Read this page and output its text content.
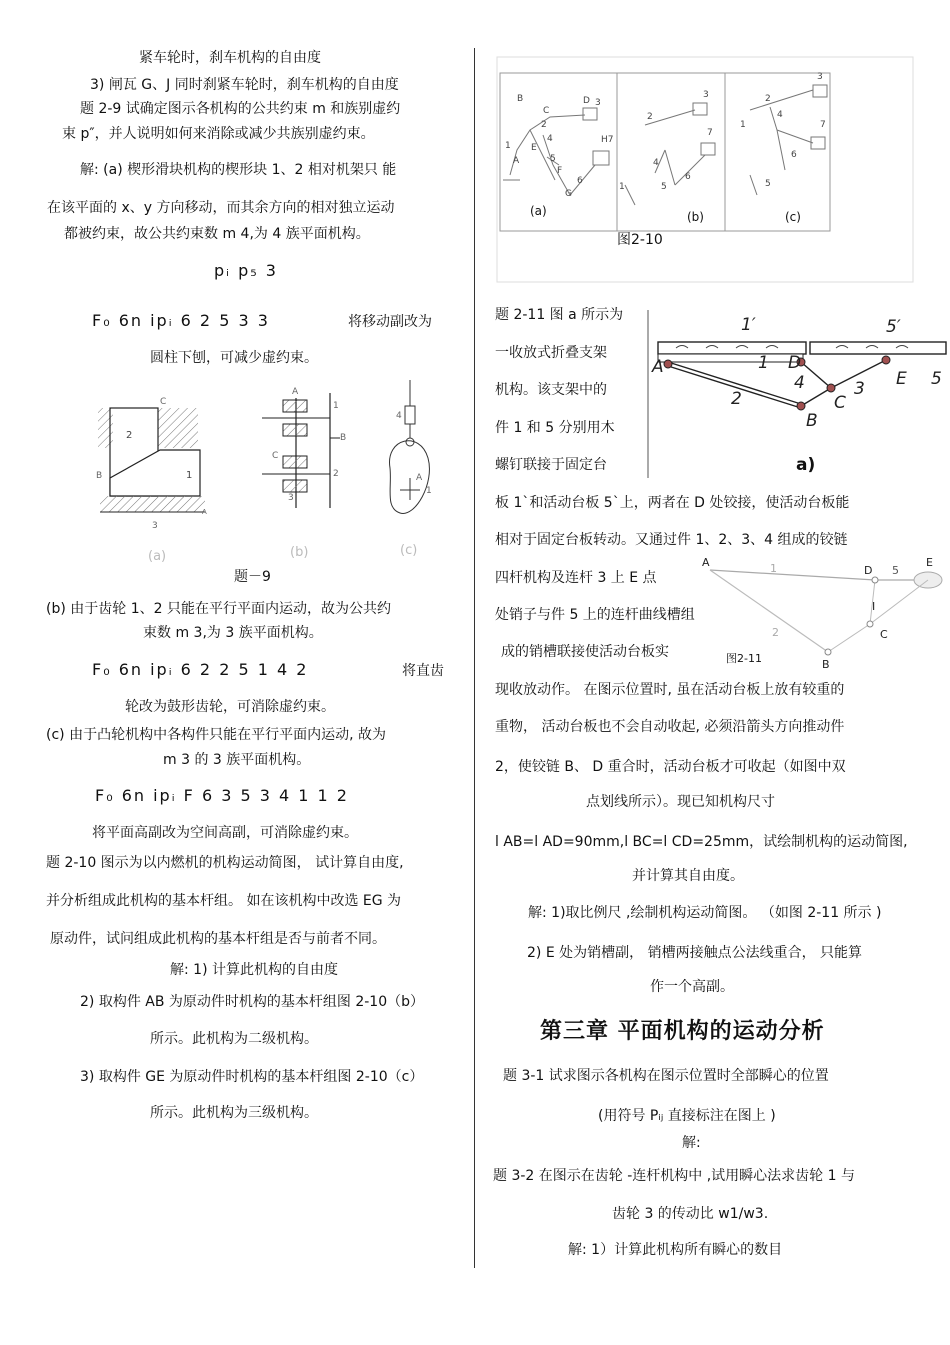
紧车轮时，刹车机构的自由度
3) 闸瓦 G、J 同时刹紧车轮时，刹车机构的自由度
题 2-9 试确定图示各机构的公共约束 m 和族别虚约
束 p″，并人说明如何来消除或减少共族别虚约束。
解: (a) 楔形滑块机构的楔形块 1、2 相对机架只 能
在该平面的 x、y 方向移动，而其余方向的相对独立运动
都被约束，故公共约束数 m 4,为 4 族平面机构。
pᵢ p₅ 3
F₀ 6n ipᵢ 6 2 5 3 3	将移动副改为
圆柱下刨，可减少虚约束。
C
2
1
B
3
A
A
1
B
2
C
3
4
A
1
(a)	(b)	(c)
题－9
(b) 由于齿轮 1、2 只能在平行平面内运动，故为公共约
束数 m 3,为 3 族平面机构。
F₀ 6n ipᵢ 6 2 2 5 1 4 2	将直齿
轮改为鼓形齿轮，可消除虚约束。
(c) 由于凸轮机构中各构件只能在平行平面内运动, 故为
m 3 的 3 族平面机构。
F₀ 6n ipᵢ F 6 3 5 3 4 1 1 2
将平面高副改为空间高副，可消除虚约束。
题 2-10 图示为以内燃机的机构运动简图， 试计算自由度,
并分析组成此机构的基本杆组。 如在该机构中改选 EG 为
原动件，试问组成此机构的基本杆组是否与前者不同。
解: 1) 计算此机构的自由度
2) 取构件 AB 为原动件时机构的基本杆组图 2-10（b）
所示。此机构为二级机构。
3) 取构件 GE 为原动件时机构的基本杆组图 2-10（c）
所示。此机构为三级机构。
B
C
D 3
1
4
E
A	5
F
6
G
H7
2
3
2
7
4
6
5
1
3
2
1
4
7
6
5
(a)	(b)	(c)
图2-10
题 2-11 图 a 所示为
一收放式折叠支架
机构。该支架中的
件 1 和 5 分别用木
螺钉联接于固定台
1′	5′
A	1 D
4	3
2
B
C
E 5
a)
板 1`和活动台板 5`上，两者在 D 处铰接，使活动台板能
相对于固定台板转动。又通过件 1、2、3、4 组成的铰链
四杆机构及连杆 3 上 E 点
处销子与件 5 上的连杆曲线槽组
成的销槽联接使活动台板实
A	1	D 5
E
2
B
C
I
图2-11
现收放动作。 在图示位置时, 虽在活动台板上放有较重的
重物， 活动台板也不会自动收起, 必须沿箭头方向推动件
2，使铰链 B、 D 重合时，活动台板才可收起（如图中双
点划线所示）。现已知机构尺寸
l AB=l AD=90mm,l BC=l CD=25mm，试绘制机构的运动简图,
并计算其自由度。
解: 1)取比例尺 ,绘制机构运动简图。 （如图 2-11 所示 )
2) E 处为销槽副， 销槽两接触点公法线重合， 只能算
作一个高副。
第三章 平面机构的运动分析
题 3-1 试求图示各机构在图示位置时全部瞬心的位置
(用符号 Pᵢⱼ 直接标注在图上 )
解:
题 3-2 在图示在齿轮 -连杆机构中 ,试用瞬心法求齿轮 1 与
齿轮 3 的传动比 w1/w3.
解: 1）计算此机构所有瞬心的数目
